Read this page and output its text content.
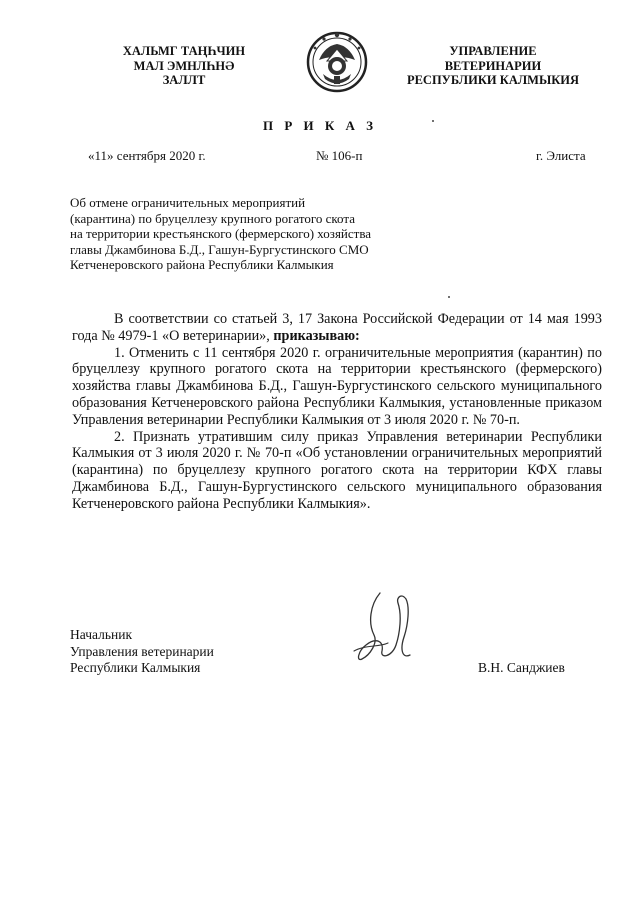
ХАЛЬМГ ТАҢҺЧИН
МАЛ ЭМНЛҺНӘ
ЗАЛЛТ
УПРАВЛЕНИЕ
ВЕТЕРИНАРИИ
РЕСПУБЛИКИ КАЛМЫКИЯ
П Р И К А З
«11» сентября 2020 г.	№ 106-п	г. Элиста
Об отмене ограничительных мероприятий
(карантина) по бруцеллезу крупного рогатого скота
на территории крестьянского (фермерского) хозяйства
главы Джамбинова Б.Д., Гашун-Бургустинского СМО
Кетченеровского района Республики Калмыкия

В соответствии со статьей 3, 17 Закона Российской Федерации от 14 мая 1993 года № 4979-1 «О ветеринарии», приказываю:

1. Отменить с 11 сентября 2020 г. ограничительные мероприятия (карантин) по бруцеллезу крупного рогатого скота на территории крестьянского (фермерского) хозяйства главы Джамбинова Б.Д., Гашун-Бургустинского сельского муниципального образования Кетченеровского района Республики Калмыкия, установленные приказом Управления ветеринарии Республики Калмыкия от 3 июля 2020 г. № 70-п.

2. Признать утратившим силу приказ Управления ветеринарии Республики Калмыкия от 3 июля 2020 г. № 70-п «Об установлении ограничительных мероприятий (карантина) по бруцеллезу крупного рогатого скота на территории КФХ главы Джамбинова Б.Д., Гашун-Бургустинского сельского муниципального образования Кетченеровского района Республики Калмыкия».

Начальник
Управления ветеринарии
Республики Калмыкия	В.Н. Санджиев
